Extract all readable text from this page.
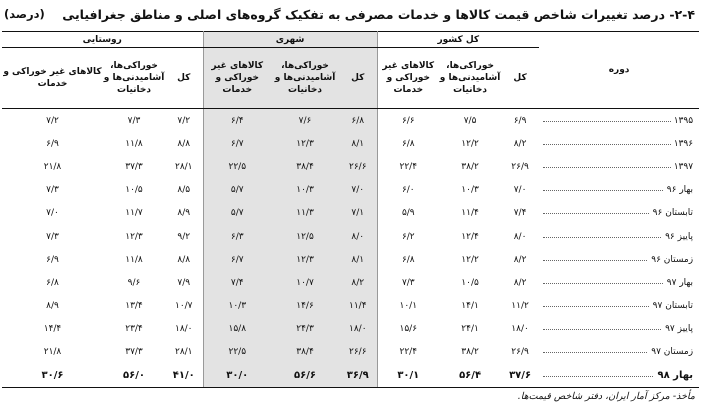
۲-۴- درصد تغییرات شاخص قیمت کالاها و خدمات مصرفی به تفکیک گروه‌های اصلی و مناطق جغرافیایی
(درصد)
دوره	کل کشور			شهری			روستایی		
	کل	خوراکی‌ها، آشامیدنی‌ها و دخانیات	کالاهای غیر خوراکی و خدمات	کل	خوراکی‌ها، آشامیدنی‌ها و دخانیات	کالاهای غیر خوراکی و خدمات	کل	خوراکی‌ها، آشامیدنی‌ها و دخانیات	کالاهای غیر خوراکی و خدمات

۱۳۹۵	۶/۹	۷/۵	۶/۶	۶/۸	۷/۶	۶/۴	۷/۲	۷/۳	۷/۲

۱۳۹۶	۸/۲	۱۲/۲	۶/۸	۸/۱	۱۲/۳	۶/۷	۸/۸	۱۱/۸	۶/۹

۱۳۹۷	۲۶/۹	۳۸/۲	۲۲/۴	۲۶/۶	۳۸/۴	۲۲/۵	۲۸/۱	۳۷/۳	۲۱/۸

بهار ۹۶	۷/۰	۱۰/۳	۶/۰	۷/۰	۱۰/۳	۵/۷	۸/۵	۱۰/۵	۷/۳

تابستان ۹۶	۷/۴	۱۱/۴	۵/۹	۷/۱	۱۱/۳	۵/۷	۸/۹	۱۱/۷	۷/۰

پاییز ۹۶	۸/۰	۱۲/۴	۶/۲	۸/۰	۱۲/۵	۶/۳	۹/۲	۱۲/۳	۷/۳

زمستان ۹۶	۸/۲	۱۲/۲	۶/۸	۸/۱	۱۲/۳	۶/۷	۸/۸	۱۱/۸	۶/۹

بهار ۹۷	۸/۲	۱۰/۵	۷/۳	۸/۲	۱۰/۷	۷/۴	۷/۹	۹/۶	۶/۸

تابستان ۹۷	۱۱/۲	۱۴/۱	۱۰/۱	۱۱/۴	۱۴/۶	۱۰/۳	۱۰/۷	۱۳/۴	۸/۹

پاییز ۹۷	۱۸/۰	۲۴/۱	۱۵/۶	۱۸/۰	۲۴/۳	۱۵/۸	۱۸/۰	۲۳/۴	۱۴/۴

زمستان ۹۷	۲۶/۹	۳۸/۲	۲۲/۴	۲۶/۶	۳۸/۴	۲۲/۵	۲۸/۱	۳۷/۳	۲۱/۸

بهار ۹۸	۳۷/۶	۵۶/۴	۳۰/۱	۳۶/۹	۵۶/۶	۳۰/۰	۴۱/۰	۵۶/۰	۳۰/۶
مأخذ- مرکز آمار ایران، دفتر شاخص قیمت‌ها.
